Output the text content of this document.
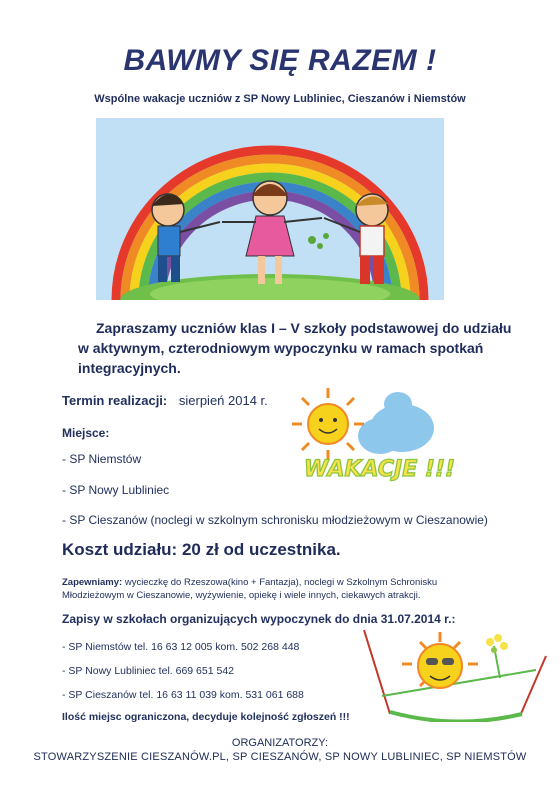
BAWMY SIĘ RAZEM !
Wspólne wakacje uczniów z SP Nowy Lubliniec, Cieszanów i Niemstów
Zapraszamy uczniów klas I – V szkoły podstawowej do udziału
w aktywnym, czterodniowym wypoczynku w ramach spotkań
integracyjnych.
Termin realizacji: sierpień 2014 r.
Miejsce:
- SP Niemstów
- SP Nowy Lubliniec
- SP Cieszanów (noclegi w szkolnym schronisku młodzieżowym w Cieszanowie)
WAKACJE !!!
Koszt udziału: 20 zł od uczestnika.
Zapewniamy: wycieczkę do Rzeszowa(kino + Fantazja), noclegi w Szkolnym Schronisku
Młodzieżowym w Cieszanowie, wyżywienie, opiekę i wiele innych, ciekawych atrakcji.
Zapisy w szkołach organizujących wypoczynek do dnia 31.07.2014 r.:
- SP Niemstów tel. 16 63 12 005 kom. 502 268 448
- SP Nowy Lubliniec tel. 669 651 542
- SP Cieszanów tel. 16 63 11 039 kom. 531 061 688
Ilość miejsc ograniczona, decyduje kolejność zgłoszeń !!!
ORGANIZATORZY:
STOWARZYSZENIE CIESZANÓW.PL, SP CIESZANÓW, SP NOWY LUBLINIEC, SP NIEMSTÓW
